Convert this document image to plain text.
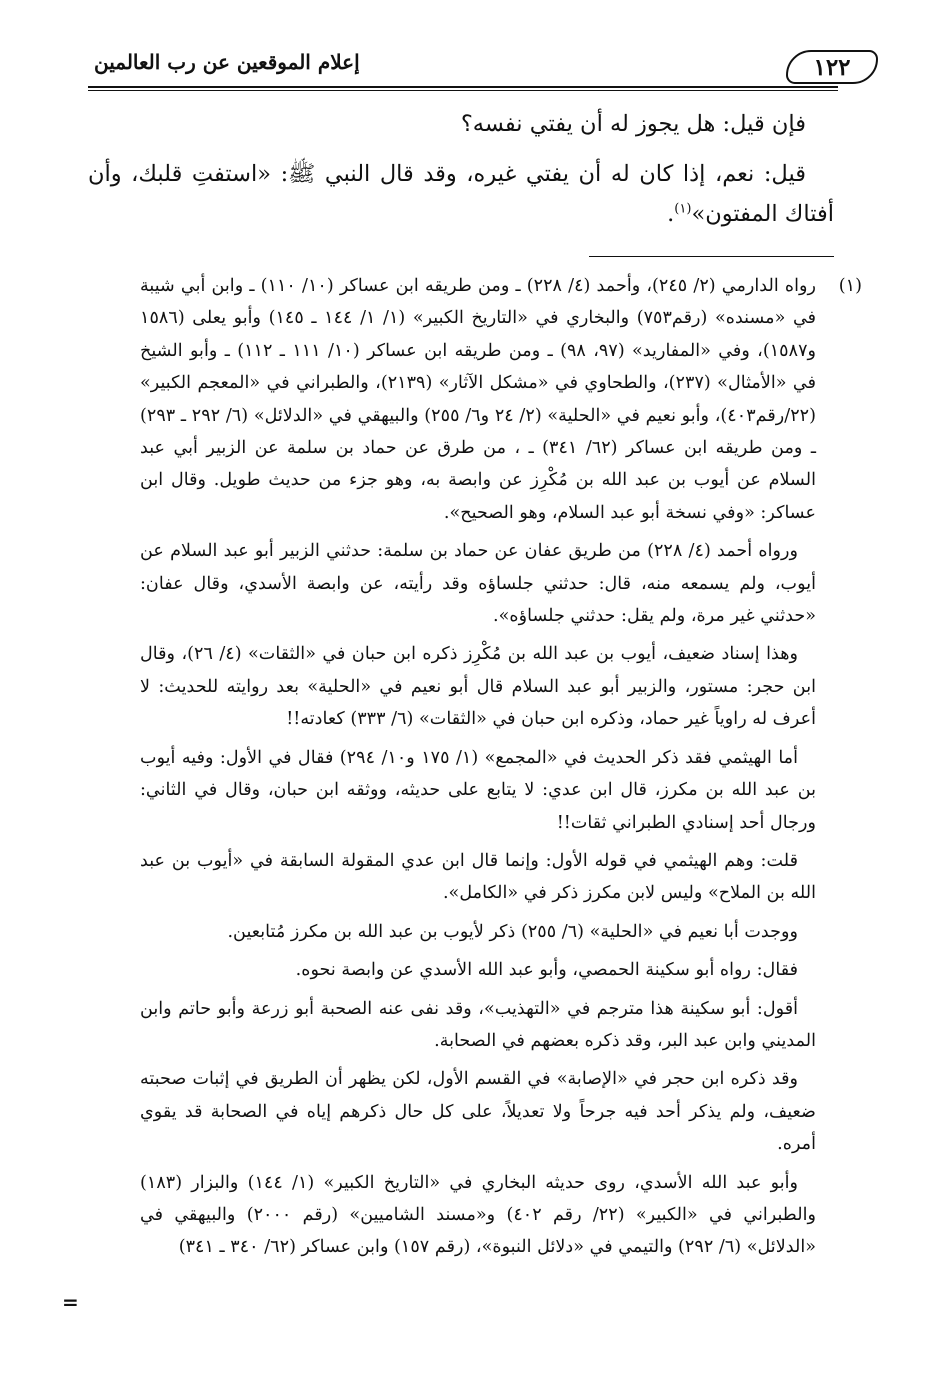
١٢٢
إعلام الموقعين عن رب العالمين

فإن قيل: هل يجوز له أن يفتي نفسه؟

قيل: نعم، إذا كان له أن يفتي غيره، وقد قال النبي ﷺ: «استفتِ قلبك، وأن أفتاك المفتون»$^{(١)}$.

(١)

رواه الدارمي (٢/ ٢٤٥)، وأحمد (٤/ ٢٢٨) ـ ومن طريقه ابن عساكر (١٠/ ١١٠) ـ وابن أبي شيبة في «مسنده» (رقم٧٥٣) والبخاري في «التاريخ الكبير» (١/ ١/ ١٤٤ ـ ١٤٥) وأبو يعلى (١٥٨٦ و١٥٨٧)، وفي «المفاريد» (٩٧، ٩٨) ـ ومن طريقه ابن عساكر (١٠/ ١١١ ـ ١١٢) ـ وأبو الشيخ في «الأمثال» (٢٣٧)، والطحاوي في «مشكل الآثار» (٢١٣٩)، والطبراني في «المعجم الكبير» (٢٢/رقم٤٠٣)، وأبو نعيم في «الحلية» (٢/ ٢٤ و٦/ ٢٥٥) والبيهقي في «الدلائل» (٦/ ٢٩٢ ـ ٢٩٣) ـ ومن طريقه ابن عساكر (٦٢/ ٣٤١) ـ ، من طرق عن حماد بن سلمة عن الزبير أبي عبد السلام عن أيوب بن عبد الله بن مُكْرِز عن وابصة به، وهو جزء من حديث طويل. وقال ابن عساكر: «وفي نسخة أبو عبد السلام، وهو الصحيح».

ورواه أحمد (٤/ ٢٢٨) من طريق عفان عن حماد بن سلمة: حدثني الزبير أبو عبد السلام عن أيوب، ولم يسمعه منه، قال: حدثني جلساؤه وقد رأيته، عن وابصة الأسدي، وقال عفان: «حدثني غير مرة، ولم يقل: حدثني جلساؤه».

وهذا إسناد ضعيف، أيوب بن عبد الله بن مُكْرِز ذكره ابن حبان في «الثقات» (٤/ ٢٦)، وقال ابن حجر: مستور، والزبير أبو عبد السلام قال أبو نعيم في «الحلية» بعد روايته للحديث: لا أعرف له راوياً غير حماد، وذكره ابن حبان في «الثقات» (٦/ ٣٣٣) كعادته!!

أما الهيثمي فقد ذكر الحديث في «المجمع» (١/ ١٧٥ و١٠/ ٢٩٤) فقال في الأول: وفيه أيوب بن عبد الله بن مكرز، قال ابن عدي: لا يتابع على حديثه، ووثقه ابن حبان، وقال في الثاني: ورجال أحد إسنادي الطبراني ثقات!!

قلت: وهم الهيثمي في قوله الأول: وإنما قال ابن عدي المقولة السابقة في «أيوب بن عبد الله بن الملاح» وليس لابن مكرز ذكر في «الكامل».

ووجدت أبا نعيم في «الحلية» (٦/ ٢٥٥) ذكر لأيوب بن عبد الله بن مكرز مُتابعين.

فقال: رواه أبو سكينة الحمصي، وأبو عبد الله الأسدي عن وابصة نحوه.

أقول: أبو سكينة هذا مترجم في «التهذيب»، وقد نفى عنه الصحبة أبو زرعة وأبو حاتم وابن المديني وابن عبد البر، وقد ذكره بعضهم في الصحابة.

وقد ذكره ابن حجر في «الإصابة» في القسم الأول، لكن يظهر أن الطريق في إثبات صحبته ضعيف، ولم يذكر أحد فيه جرحاً ولا تعديلاً، على كل حال ذكرهم إياه في الصحابة قد يقوي أمره.

وأبو عبد الله الأسدي، روى حديثه البخاري في «التاريخ الكبير» (١/ ١٤٤) والبزار (١٨٣) والطبراني في «الكبير» (٢٢/ رقم ٤٠٢) و«مسند الشاميين» (رقم ٢٠٠٠) والبيهقي في «الدلائل» (٦/ ٢٩٢) والتيمي في «دلائل النبوة»، (رقم ١٥٧) وابن عساكر (٦٢/ ٣٤٠ ـ ٣٤١)

=
